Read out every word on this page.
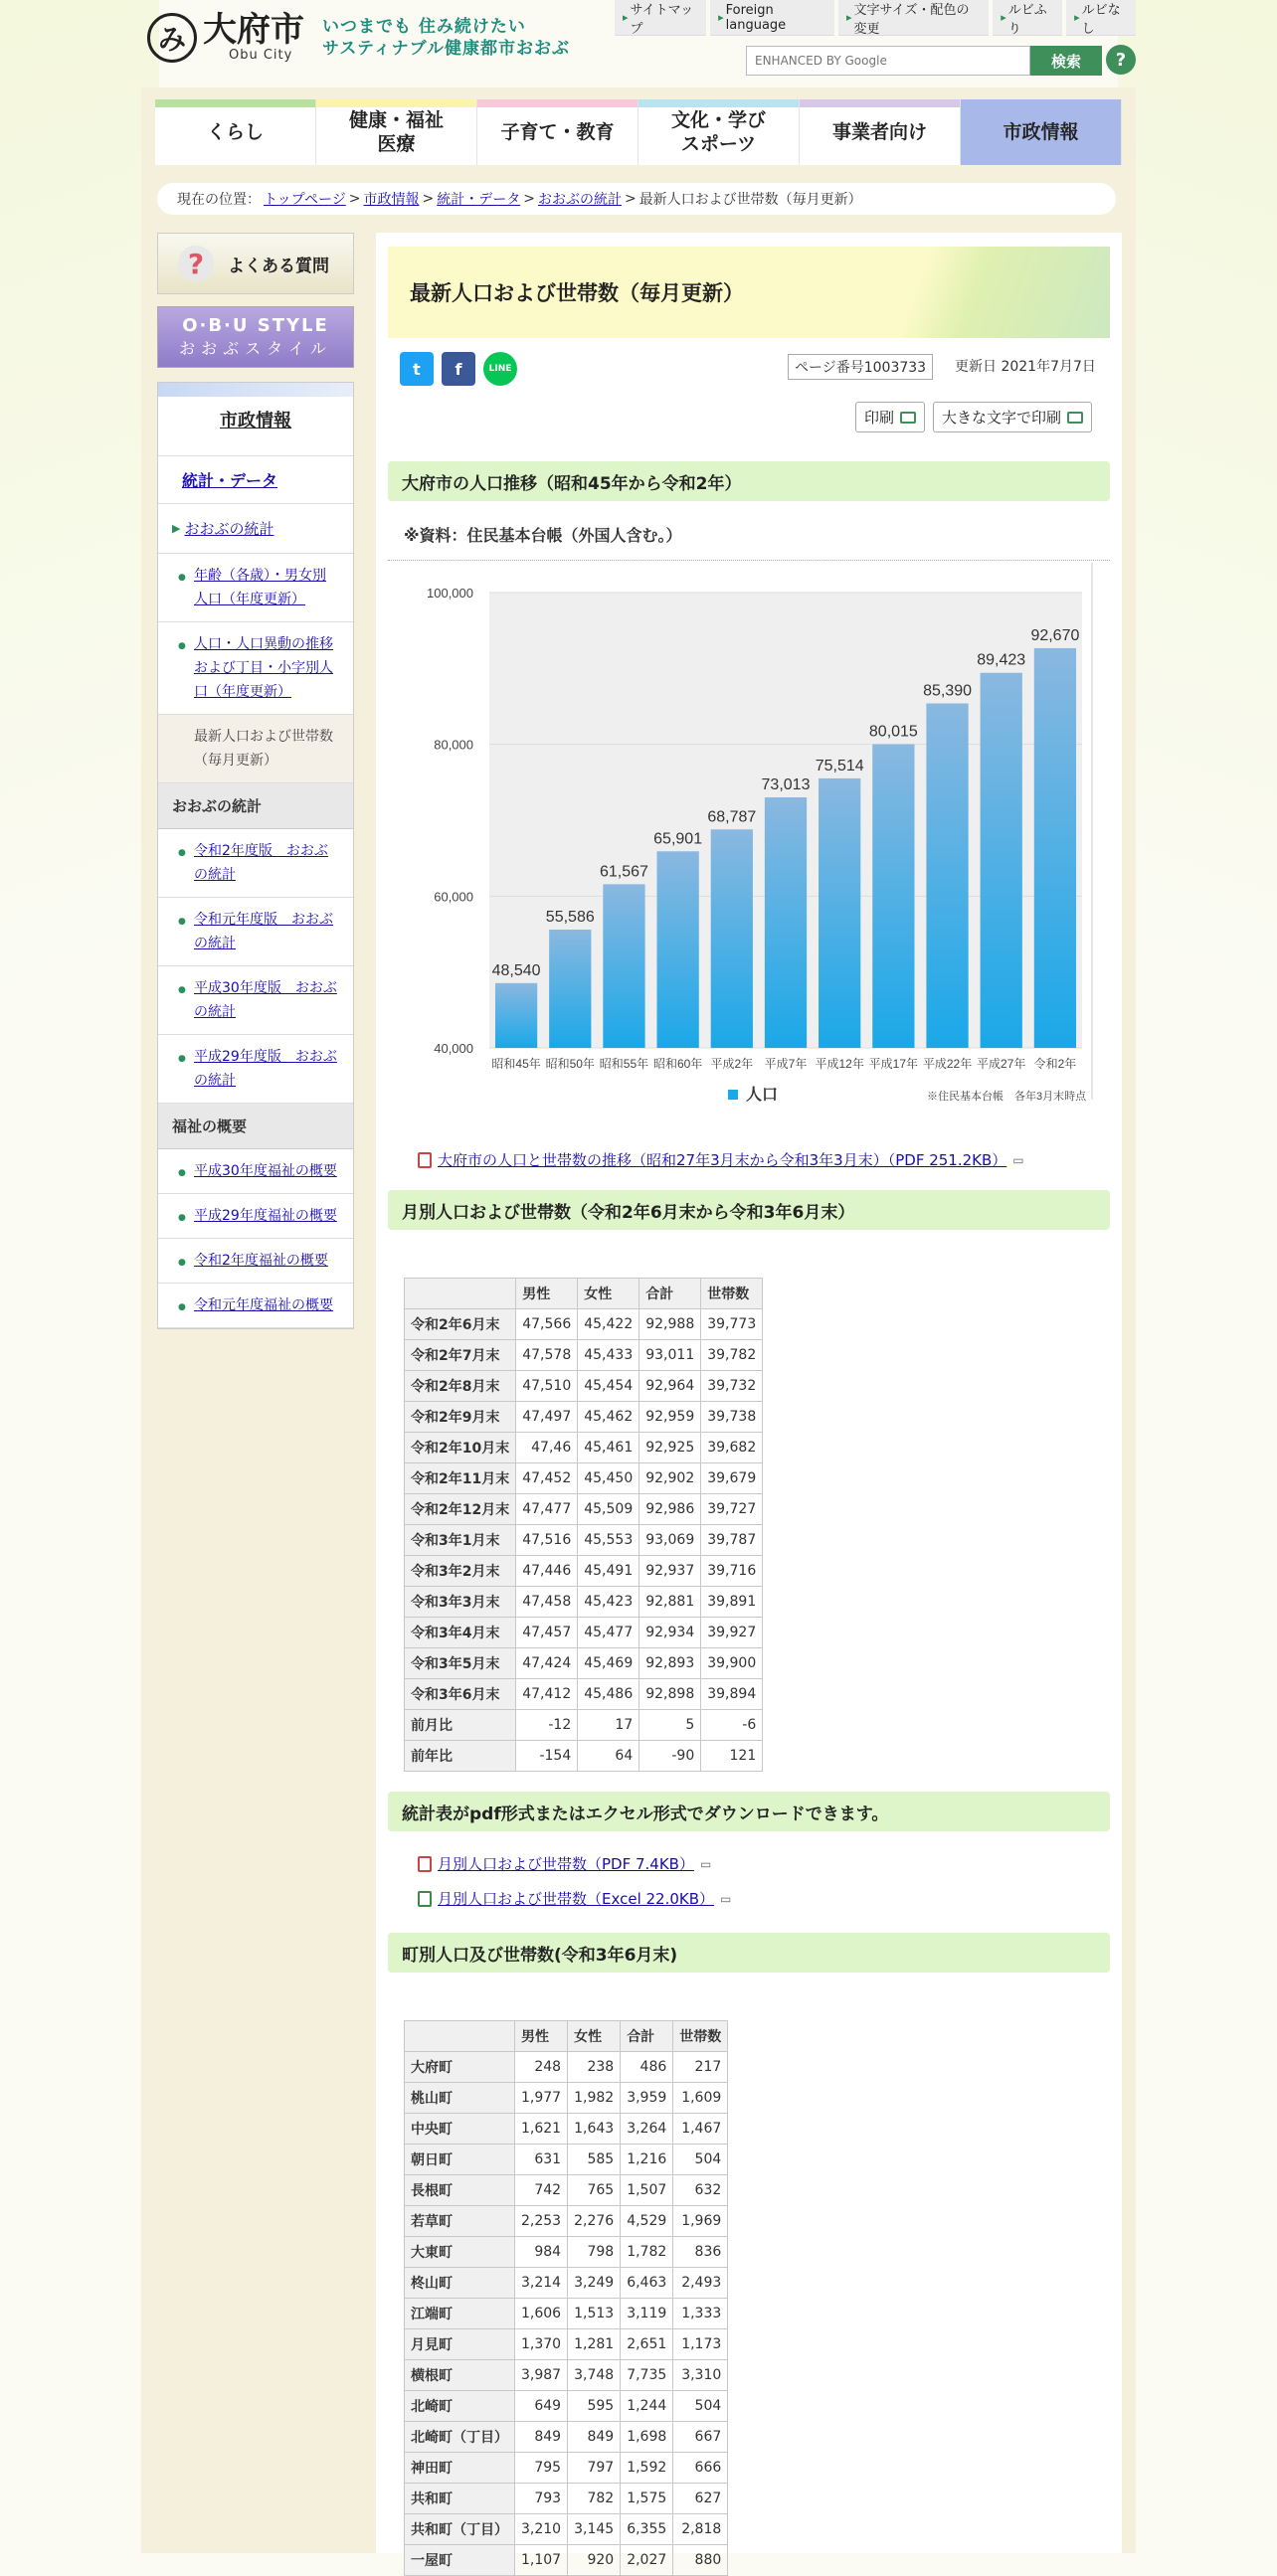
み 大府市
Obu City
いつまでも 住み続けたい
サスティナブル健康都市おおぶ
▸ サイトマップ
▸ Foreign language
▸ 文字サイズ・配色の変更
▸ ルビふり
▸ ルビなし
ENHANCED BY Google
検索	?
くらし
健康・福祉 医療
子育て・教育
文化・学び スポーツ
事業者向け	市政情報
現在の位置： トップページ > 市政情報 > 統計・データ > おおぶの統計 > 最新人口および世帯数（毎月更新）
?	よくある質問
O·B·U STYLE
おおぶスタイル
市政情報
統計・データ
▶ おおぶの統計
● 年齢（各歳）・男女別人口（年度更新）
● 人口・人口異動の推移および丁目・小字別人口（年度更新）
最新人口および世帯数（毎月更新）
おおぶの統計
● 令和2年度版　おおぶの統計
● 令和元年度版　おおぶの統計
● 平成30年度版　おおぶの統計
● 平成29年度版　おおぶの統計
福祉の概要
● 平成30年度福祉の概要
● 平成29年度福祉の概要
● 令和2年度福祉の概要
● 令和元年度福祉の概要
最新人口および世帯数（毎月更新）
t	f	LINE	ページ番号1003733	更新日 2021年7月7日
印刷	大きな文字で印刷
大府市の人口推移（昭和45年から令和2年）
※資料：住民基本台帳（外国人含む。）
40,000
60,000
80,000
100,000
48,540
昭和45年
55,586
昭和50年
61,567
昭和55年
65,901
昭和60年
68,787
平成2年
73,013
平成7年
75,514
平成12年
80,015
平成17年
85,390
平成22年
89,423
平成27年
92,670
令和2年
人口	※住民基本台帳　各年3月末時点
大府市の人口と世帯数の推移（昭和27年3月末から令和3年3月末）（PDF 251.2KB） ▭
月別人口および世帯数（令和2年6月末から令和3年6月末）
	男性	女性	合計	世帯数
令和2年6月末	47,566	45,422	92,988	39,773
令和2年7月末	47,578	45,433	93,011	39,782
令和2年8月末	47,510	45,454	92,964	39,732
令和2年9月末	47,497	45,462	92,959	39,738
令和2年10月末	47,46	45,461	92,925	39,682
令和2年11月末	47,452	45,450	92,902	39,679
令和2年12月末	47,477	45,509	92,986	39,727
令和3年1月末	47,516	45,553	93,069	39,787
令和3年2月末	47,446	45,491	92,937	39,716
令和3年3月末	47,458	45,423	92,881	39,891
令和3年4月末	47,457	45,477	92,934	39,927
令和3年5月末	47,424	45,469	92,893	39,900
令和3年6月末	47,412	45,486	92,898	39,894
前月比	-12	17	5	-6
前年比	-154	64	-90	121
統計表がpdf形式またはエクセル形式でダウンロードできます。
月別人口および世帯数（PDF 7.4KB） ▭
月別人口および世帯数（Excel 22.0KB） ▭
町別人口及び世帯数(令和3年6月末)
	男性	女性	合計	世帯数
大府町	248	238	486	217
桃山町	1,977	1,982	3,959	1,609
中央町	1,621	1,643	3,264	1,467
朝日町	631	585	1,216	504
長根町	742	765	1,507	632
若草町	2,253	2,276	4,529	1,969
大東町	984	798	1,782	836
柊山町	3,214	3,249	6,463	2,493
江端町	1,606	1,513	3,119	1,333
月見町	1,370	1,281	2,651	1,173
横根町	3,987	3,748	7,735	3,310
北崎町	649	595	1,244	504
北崎町（丁目）	849	849	1,698	667
神田町	795	797	1,592	666
共和町	793	782	1,575	627
共和町（丁目）	3,210	3,145	6,355	2,818
一屋町	1,107	920	2,027	880
